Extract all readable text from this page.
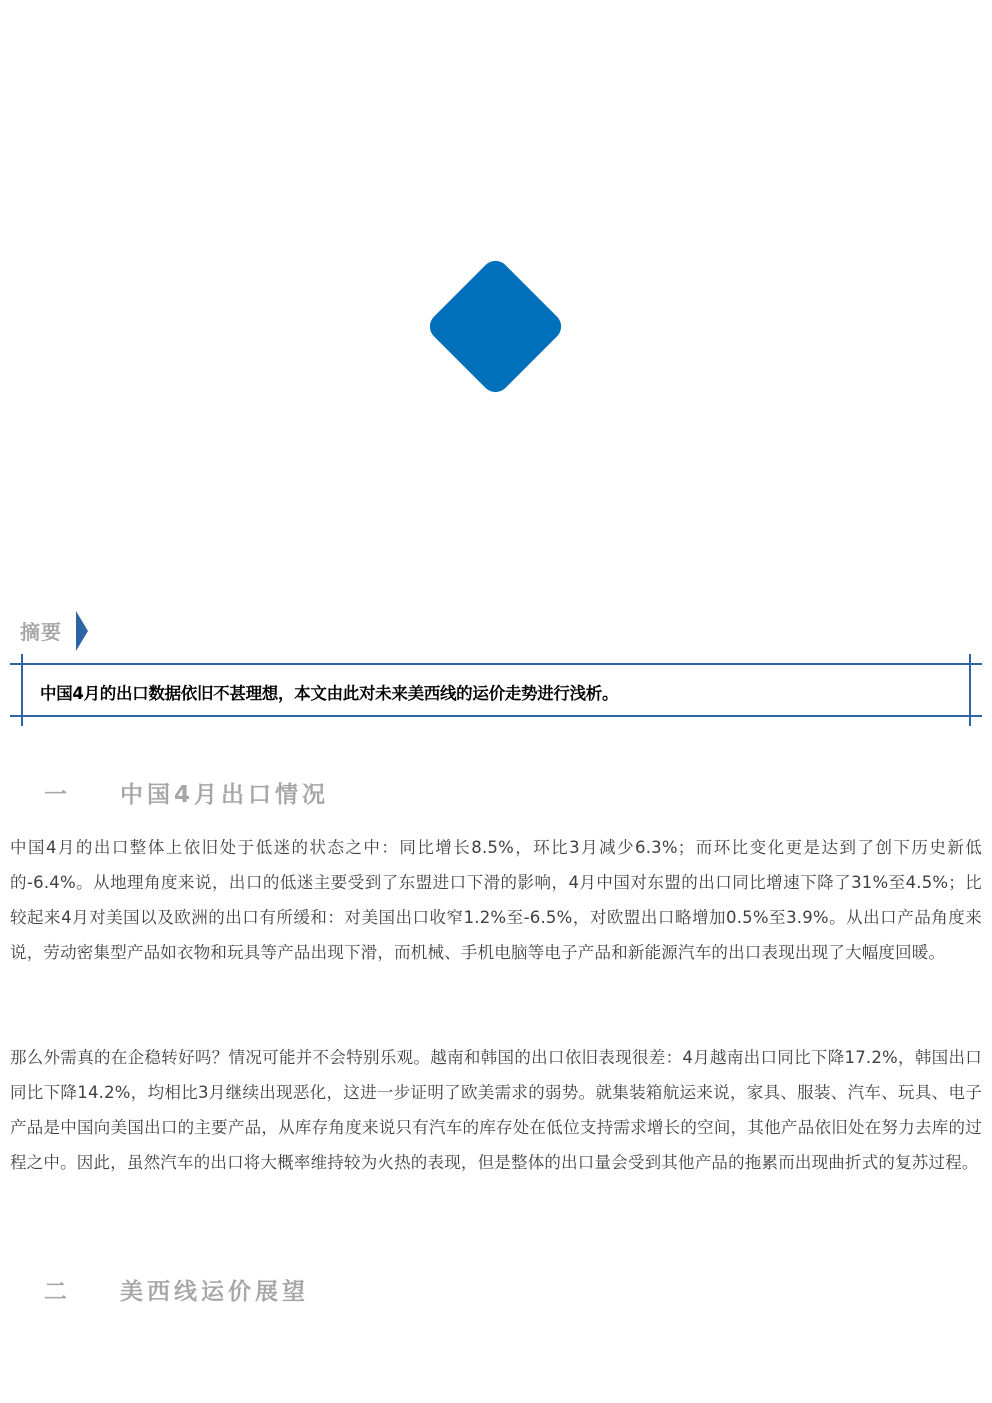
摘要
中国4月的出口数据依旧不甚理想，本文由此对未来美西线的运价走势进行浅析。
一 中国4月出口情况
中国4月的出口整体上依旧处于低迷的状态之中：同比增长8.5%，环比3月减少6.3%；而环比变化更是达到了创下历史新低的-6.4%。从地理角度来说，出口的低迷主要受到了东盟进口下滑的影响，4月中国对东盟的出口同比增速下降了31%至4.5%；比较起来4月对美国以及欧洲的出口有所缓和：对美国出口收窄1.2%至-6.5%，对欧盟出口略增加0.5%至3.9%。从出口产品角度来说，劳动密集型产品如衣物和玩具等产品出现下滑，而机械、手机电脑等电子产品和新能源汽车的出口表现出现了大幅度回暖。
那么外需真的在企稳转好吗？情况可能并不会特别乐观。越南和韩国的出口依旧表现很差：4月越南出口同比下降17.2%，韩国出口同比下降14.2%，均相比3月继续出现恶化，这进一步证明了欧美需求的弱势。就集装箱航运来说，家具、服装、汽车、玩具、电子产品是中国向美国出口的主要产品，从库存角度来说只有汽车的库存处在低位支持需求增长的空间，其他产品依旧处在努力去库的过程之中。因此，虽然汽车的出口将大概率维持较为火热的表现，但是整体的出口量会受到其他产品的拖累而出现曲折式的复苏过程。
二 美西线运价展望
